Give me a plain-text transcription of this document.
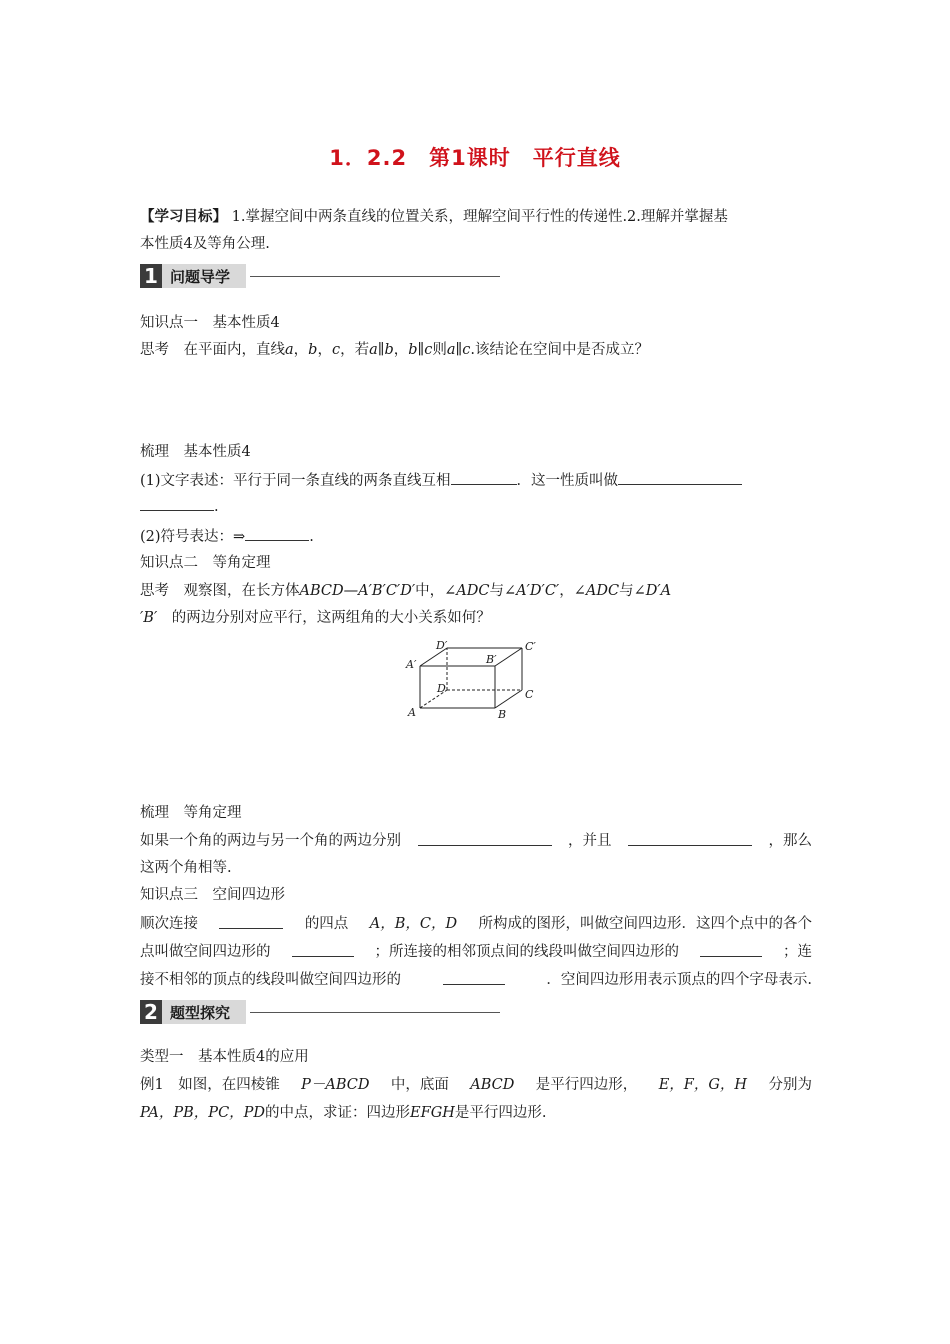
1．2.2　第1课时　平行直线
【学习目标】 1.掌握空间中两条直线的位置关系，理解空间平行性的传递性.2.理解并掌握基
本性质4及等角公理.
1 问题导学
知识点一　基本性质4
思考　在平面内，直线a，b，c，若a∥b，b∥c则a∥c.该结论在空间中是否成立？
梳理　基本性质4
(1)文字表述：平行于同一条直线的两条直线互相	．这一性质叫做
.
(2)符号表达：⇒	.
知识点二　等角定理
思考　观察图，在长方体ABCD—A′B′C′D′中，∠ADC与∠A′D′C′，∠ADC与∠D′A
′B′　 的两边分别对应平行，这两组角的大小关系如何？
A	B
C
D
A′	B′
C′
D′
梳理　等角定理
如果一个角的两边与另一个角的两边分别	，并且	，那么
这两个角相等.
知识点三　空间四边形
顺次连接	的四点 A，B，C，D 所构成的图形，叫做空间四边形．这四个点中的各个
点叫做空间四边形的	；所连接的相邻顶点间的线段叫做空间四边形的	；连
接不相邻的顶点的线段叫做空间四边形的	．空间四边形用表示顶点的四个字母表示.
2 题型探究
类型一　基本性质4的应用
例1　如图，在四棱锥 P－ABCD 中，底面 ABCD 是平行四边形， E，F，G，H 分别为
PA，PB，PC，PD的中点，求证：四边形EFGH是平行四边形.
